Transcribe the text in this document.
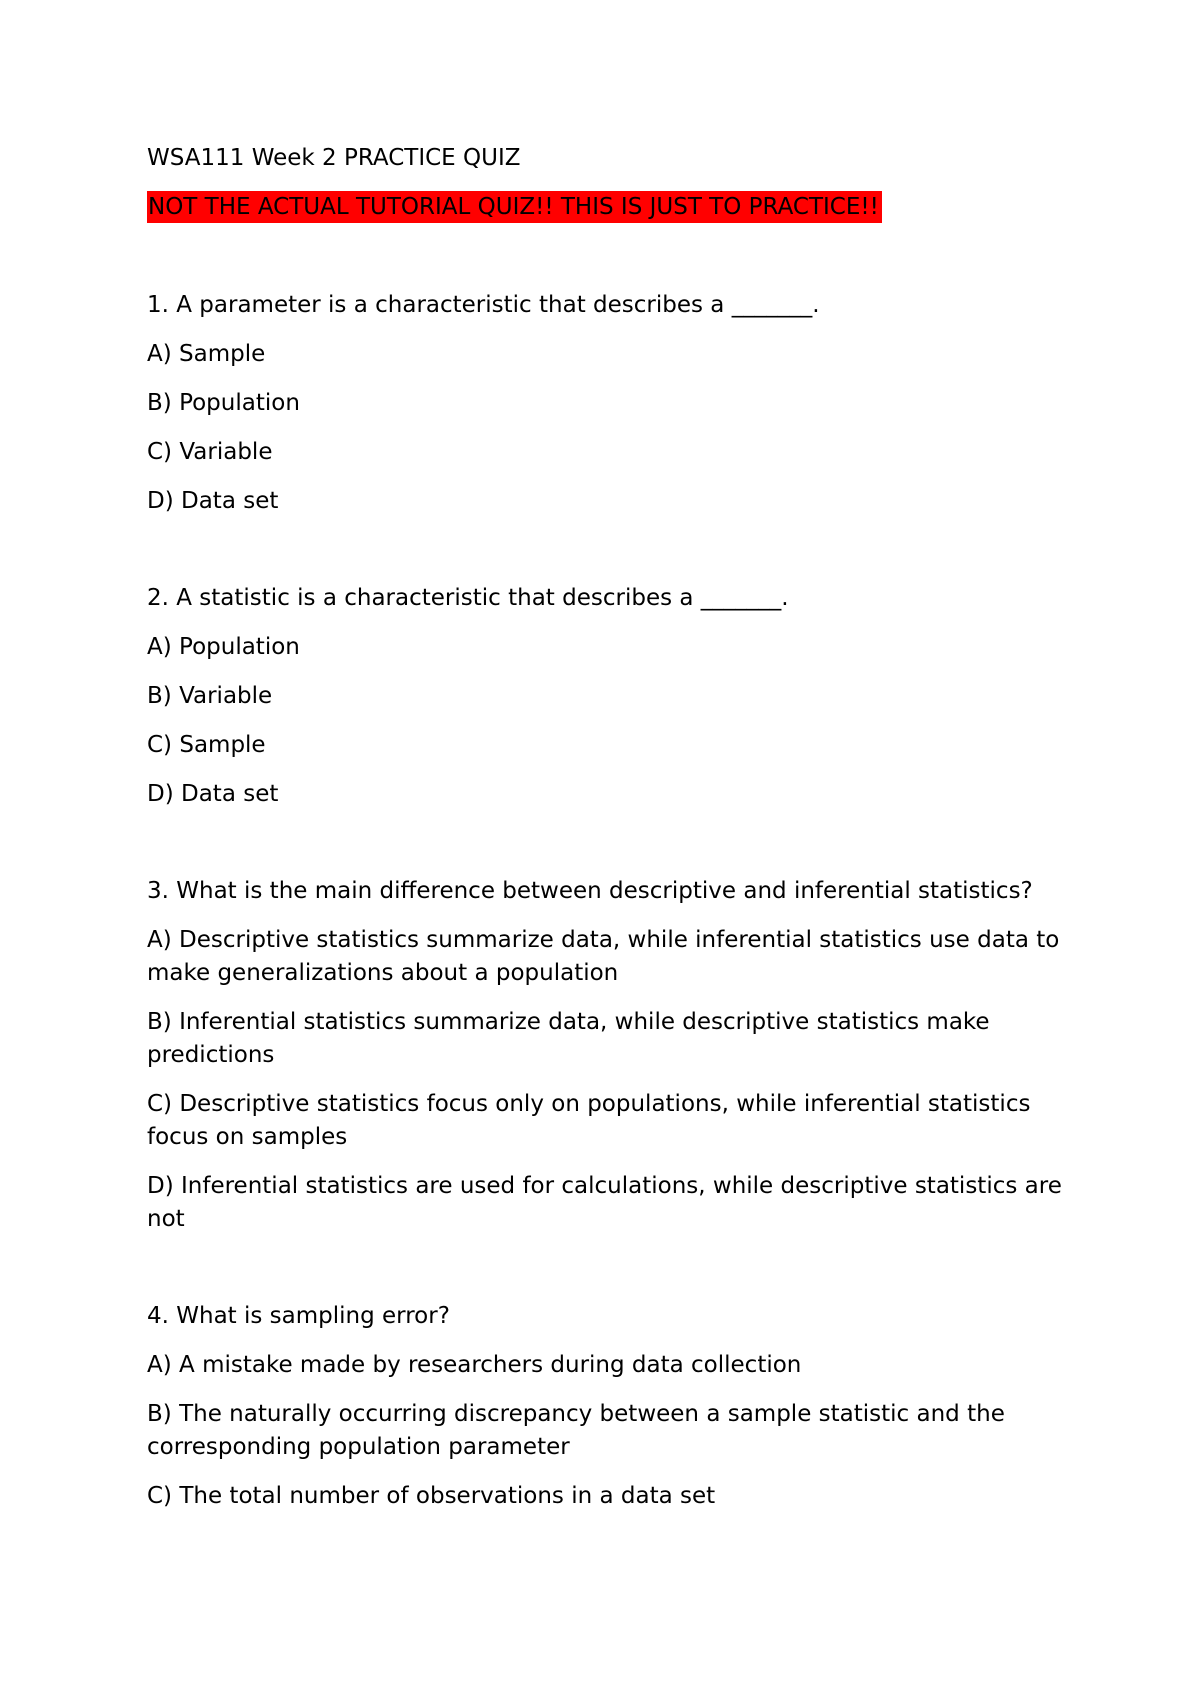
WSA111 Week 2 PRACTICE QUIZ

NOT THE ACTUAL TUTORIAL QUIZ!! THIS IS JUST TO PRACTICE!!

1. A parameter is a characteristic that describes a _______.

A) Sample

B) Population

C) Variable

D) Data set

2. A statistic is a characteristic that describes a _______.

A) Population

B) Variable

C) Sample

D) Data set

3. What is the main difference between descriptive and inferential statistics?

A) Descriptive statistics summarize data, while inferential statistics use data to make generalizations about a population

B) Inferential statistics summarize data, while descriptive statistics make predictions

C) Descriptive statistics focus only on populations, while inferential statistics focus on samples

D) Inferential statistics are used for calculations, while descriptive statistics are not

4. What is sampling error?

A) A mistake made by researchers during data collection

B) The naturally occurring discrepancy between a sample statistic and the corresponding population parameter

C) The total number of observations in a data set
